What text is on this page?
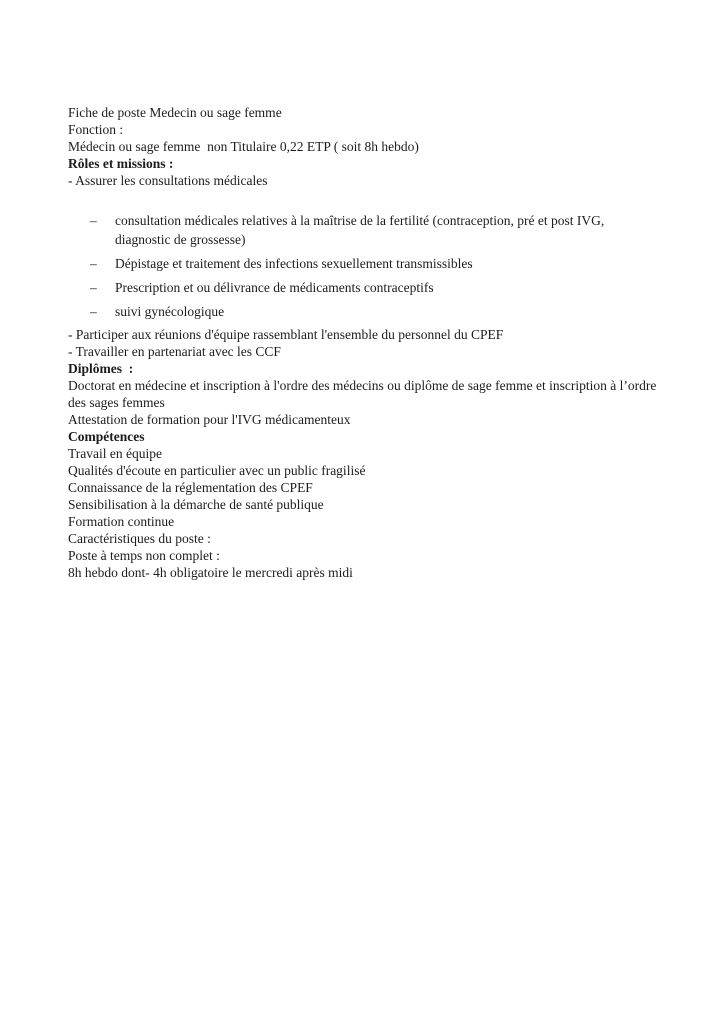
Fiche de poste Medecin ou sage femme

Fonction :

Médecin ou sage femme  non Titulaire 0,22 ETP ( soit 8h hebdo)

Rôles et missions :

- Assurer les consultations médicales

–	consultation médicales relatives à la maîtrise de la fertilité (contraception, pré et post IVG, diagnostic de grossesse)
–	Dépistage et traitement des infections sexuellement transmissibles
–	Prescription et ou délivrance de médicaments contraceptifs
–	suivi gynécologique

- Participer aux réunions d'équipe rassemblant l'ensemble du personnel du CPEF

- Travailler en partenariat avec les CCF

Diplômes  :

Doctorat en médecine et inscription à l'ordre des médecins ou diplôme de sage femme et inscription à l’ordre des sages femmes

Attestation de formation pour l'IVG médicamenteux

Compétences

Travail en équipe

Qualités d'écoute en particulier avec un public fragilisé

Connaissance de la réglementation des CPEF

Sensibilisation à la démarche de santé publique

Formation continue

Caractéristiques du poste :

Poste à temps non complet :

8h hebdo dont- 4h obligatoire le mercredi après midi
